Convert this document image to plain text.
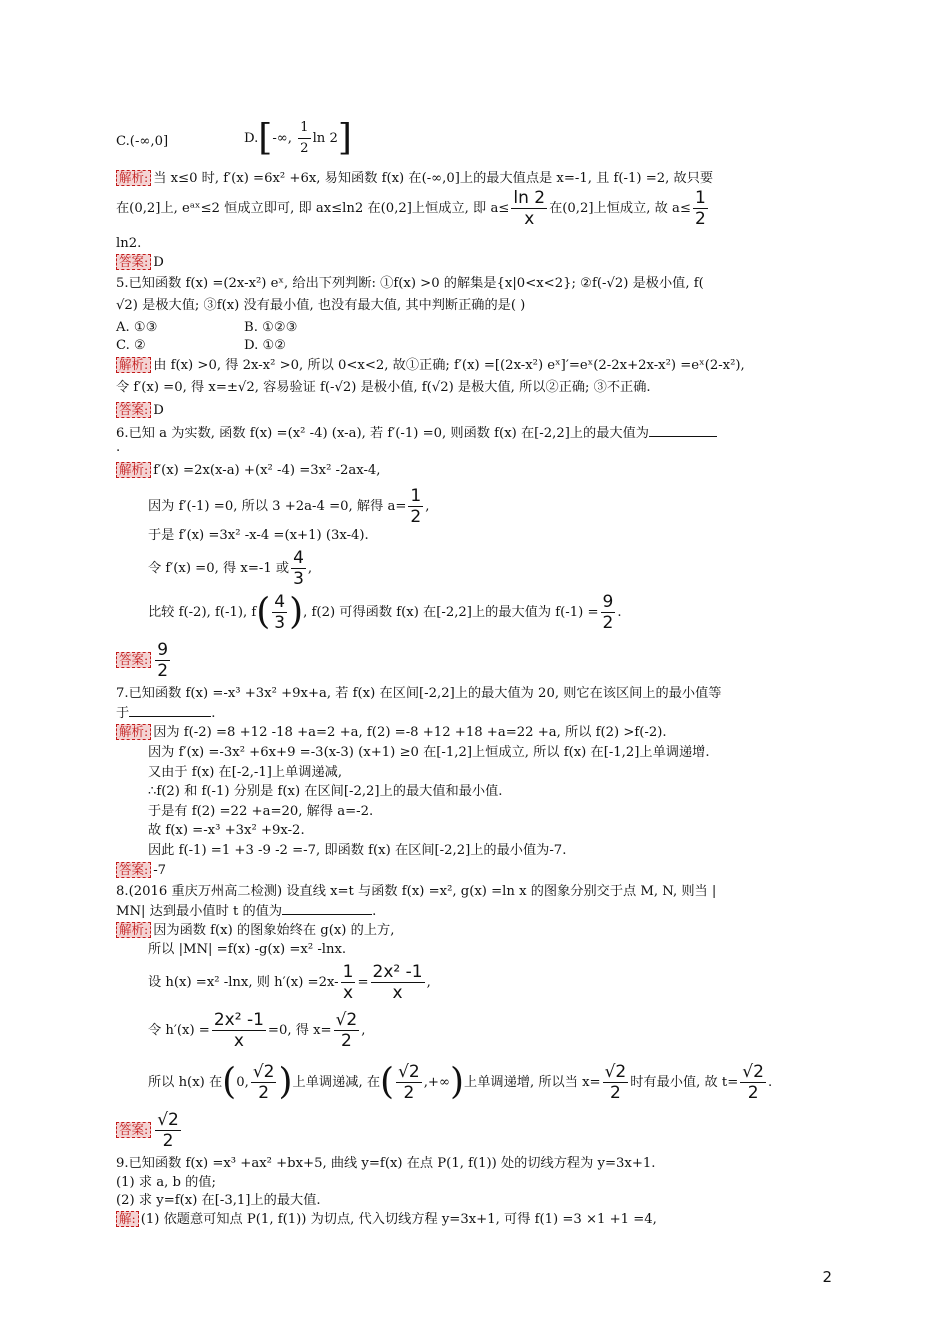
C.(-∞,0]	D.[-∞, $\frac{1}{2}$ ln 2]
解析: 当 x≤0 时, f′(x) =6x² +6x, 易知函数 f(x) 在(-∞,0]上的最大值点是 x=-1, 且 f(-1) =2, 故只要
在(0,2]上, eᵃˣ≤2 恒成立即可, 即 ax≤ln2 在(0,2]上恒成立, 即 $a\le \frac{\ln 2}{x}$ 在(0,2]上恒成立, 故 $a\le \frac{1}{2}$
ln2.
答案: D
5.已知函数 f(x) =(2x-x²) eˣ, 给出下列判断: ①f(x) >0 的解集是{x|0<x<2}; ②f(-√2) 是极小值, f(
√2) 是极大值; ③f(x) 没有最小值, 也没有最大值, 其中判断正确的是( )
A. ①③	B. ①②③
C. ②	D. ①②
解析: 由 f(x) >0, 得 2x-x² >0, 所以 0<x<2, 故①正确; f′(x) =[(2x-x²) eˣ]′=eˣ(2-2x+2x-x²) =eˣ(2-x²),
令 f′(x) =0, 得 x=±√2, 容易验证 f(-√2) 是极小值, f(√2) 是极大值, 所以②正确; ③不正确.
答案: D
6.已知 a 为实数, 函数 f(x) =(x² -4) (x-a), 若 f′(-1) =0, 则函数 f(x) 在[-2,2]上的最大值为
.
解析: f′(x) =2x(x-a) +(x² -4) =3x² -2ax-4,
因为 f′(-1) =0, 所以 3 +2a-4 =0, 解得 $a= \frac{1}{2}$ ,
于是 f′(x) =3x² -x-4 =(x+1) (3x-4).
令 f′(x) =0, 得 x=-1 或 $\frac{4}{3}$ ,
比较 f(-2), f(-1), $f( \frac{4}{3}$ ), f(2) 可得函数 f(x) 在[-2,2]上的最大值为 $f(-1) = \frac{9}{2}$ .
答案: $\frac{9}{2}$
7.已知函数 f(x) =-x³ +3x² +9x+a, 若 f(x) 在区间[-2,2]上的最大值为 20, 则它在该区间上的最小值等
于	.
解析: 因为 f(-2) =8 +12 -18 +a=2 +a, f(2) =-8 +12 +18 +a=22 +a, 所以 f(2) >f(-2).
因为 f′(x) =-3x² +6x+9 =-3(x-3) (x+1) ≥0 在[-1,2]上恒成立, 所以 f(x) 在[-1,2]上单调递增.
又由于 f(x) 在[-2,-1]上单调递减,
∴f(2) 和 f(-1) 分别是 f(x) 在区间[-2,2]上的最大值和最小值.
于是有 f(2) =22 +a=20, 解得 a=-2.
故 f(x) =-x³ +3x² +9x-2.
因此 f(-1) =1 +3 -9 -2 =-7, 即函数 f(x) 在区间[-2,2]上的最小值为-7.
答案: -7
8.(2016 重庆万州高二检测) 设直线 x=t 与函数 f(x) =x², g(x) =ln x 的图象分别交于点 M, N, 则当 |
MN| 达到最小值时 t 的值为	.
解析: 因为函数 f(x) 的图象始终在 g(x) 的上方,
所以 |MN| =f(x) -g(x) =x² -lnx.
设 h(x) =x² -lnx, 则 $h'(x) =2x- \frac{1}{x} = \frac{\text{2x² -1}}{x}$ ,
令 $h'(x) = \frac{\text{2x² -1}}{x} =0$, 得 $x= \frac{√2}{2}$ ,
所以 h(x) 在(0, $\frac{√2}{2}$ )上单调递减, 在( $\frac{√2}{2}$ ,+∞)上单调递增, 所以当 $x= \frac{√2}{2}$ 时有最小值, 故 $t= \frac{√2}{2}$ .
答案: $\frac{√2}{2}$
9.已知函数 f(x) =x³ +ax² +bx+5, 曲线 y=f(x) 在点 P(1, f(1)) 处的切线方程为 y=3x+1.
(1) 求 a, b 的值;
(2) 求 y=f(x) 在[-3,1]上的最大值.
解: (1) 依题意可知点 P(1, f(1)) 为切点, 代入切线方程 y=3x+1, 可得 f(1) =3 ×1 +1 =4,
2
